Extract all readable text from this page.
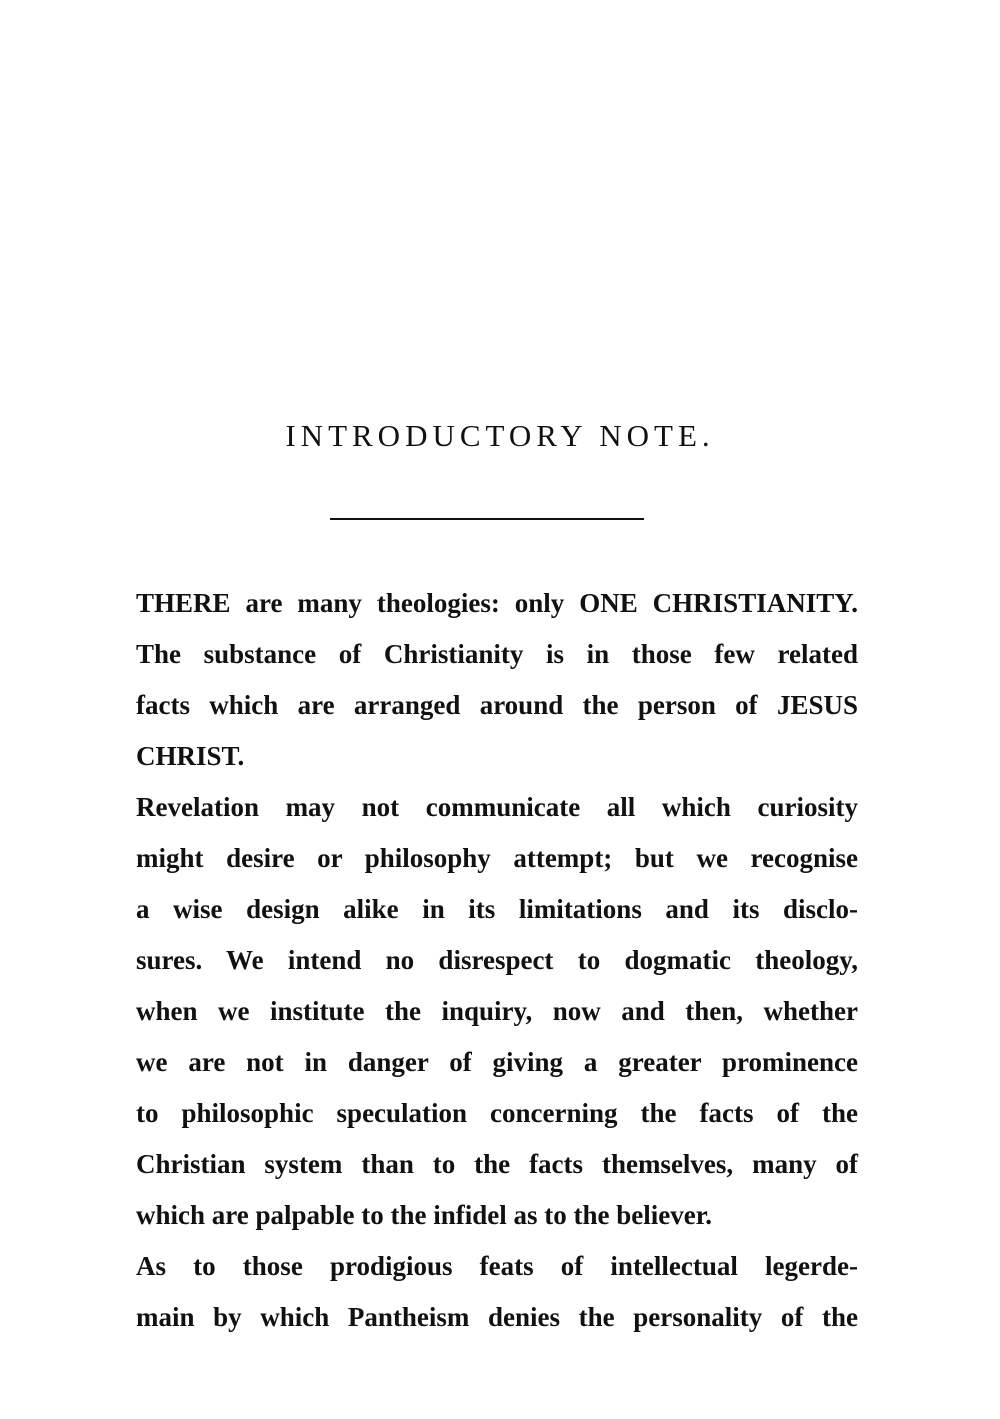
INTRODUCTORY NOTE.
THERE are many theologies: only ONE CHRISTIANITY.
The substance of Christianity is in those few related
facts which are arranged around the person of JESUS
CHRIST.
Revelation may not communicate all which curiosity
might desire or philosophy attempt; but we recognise
a wise design alike in its limitations and its disclo-
sures. We intend no disrespect to dogmatic theology,
when we institute the inquiry, now and then, whether
we are not in danger of giving a greater prominence
to philosophic speculation concerning the facts of the
Christian system than to the facts themselves, many of
which are palpable to the infidel as to the believer.
As to those prodigious feats of intellectual legerde-
main by which Pantheism denies the personality of the
